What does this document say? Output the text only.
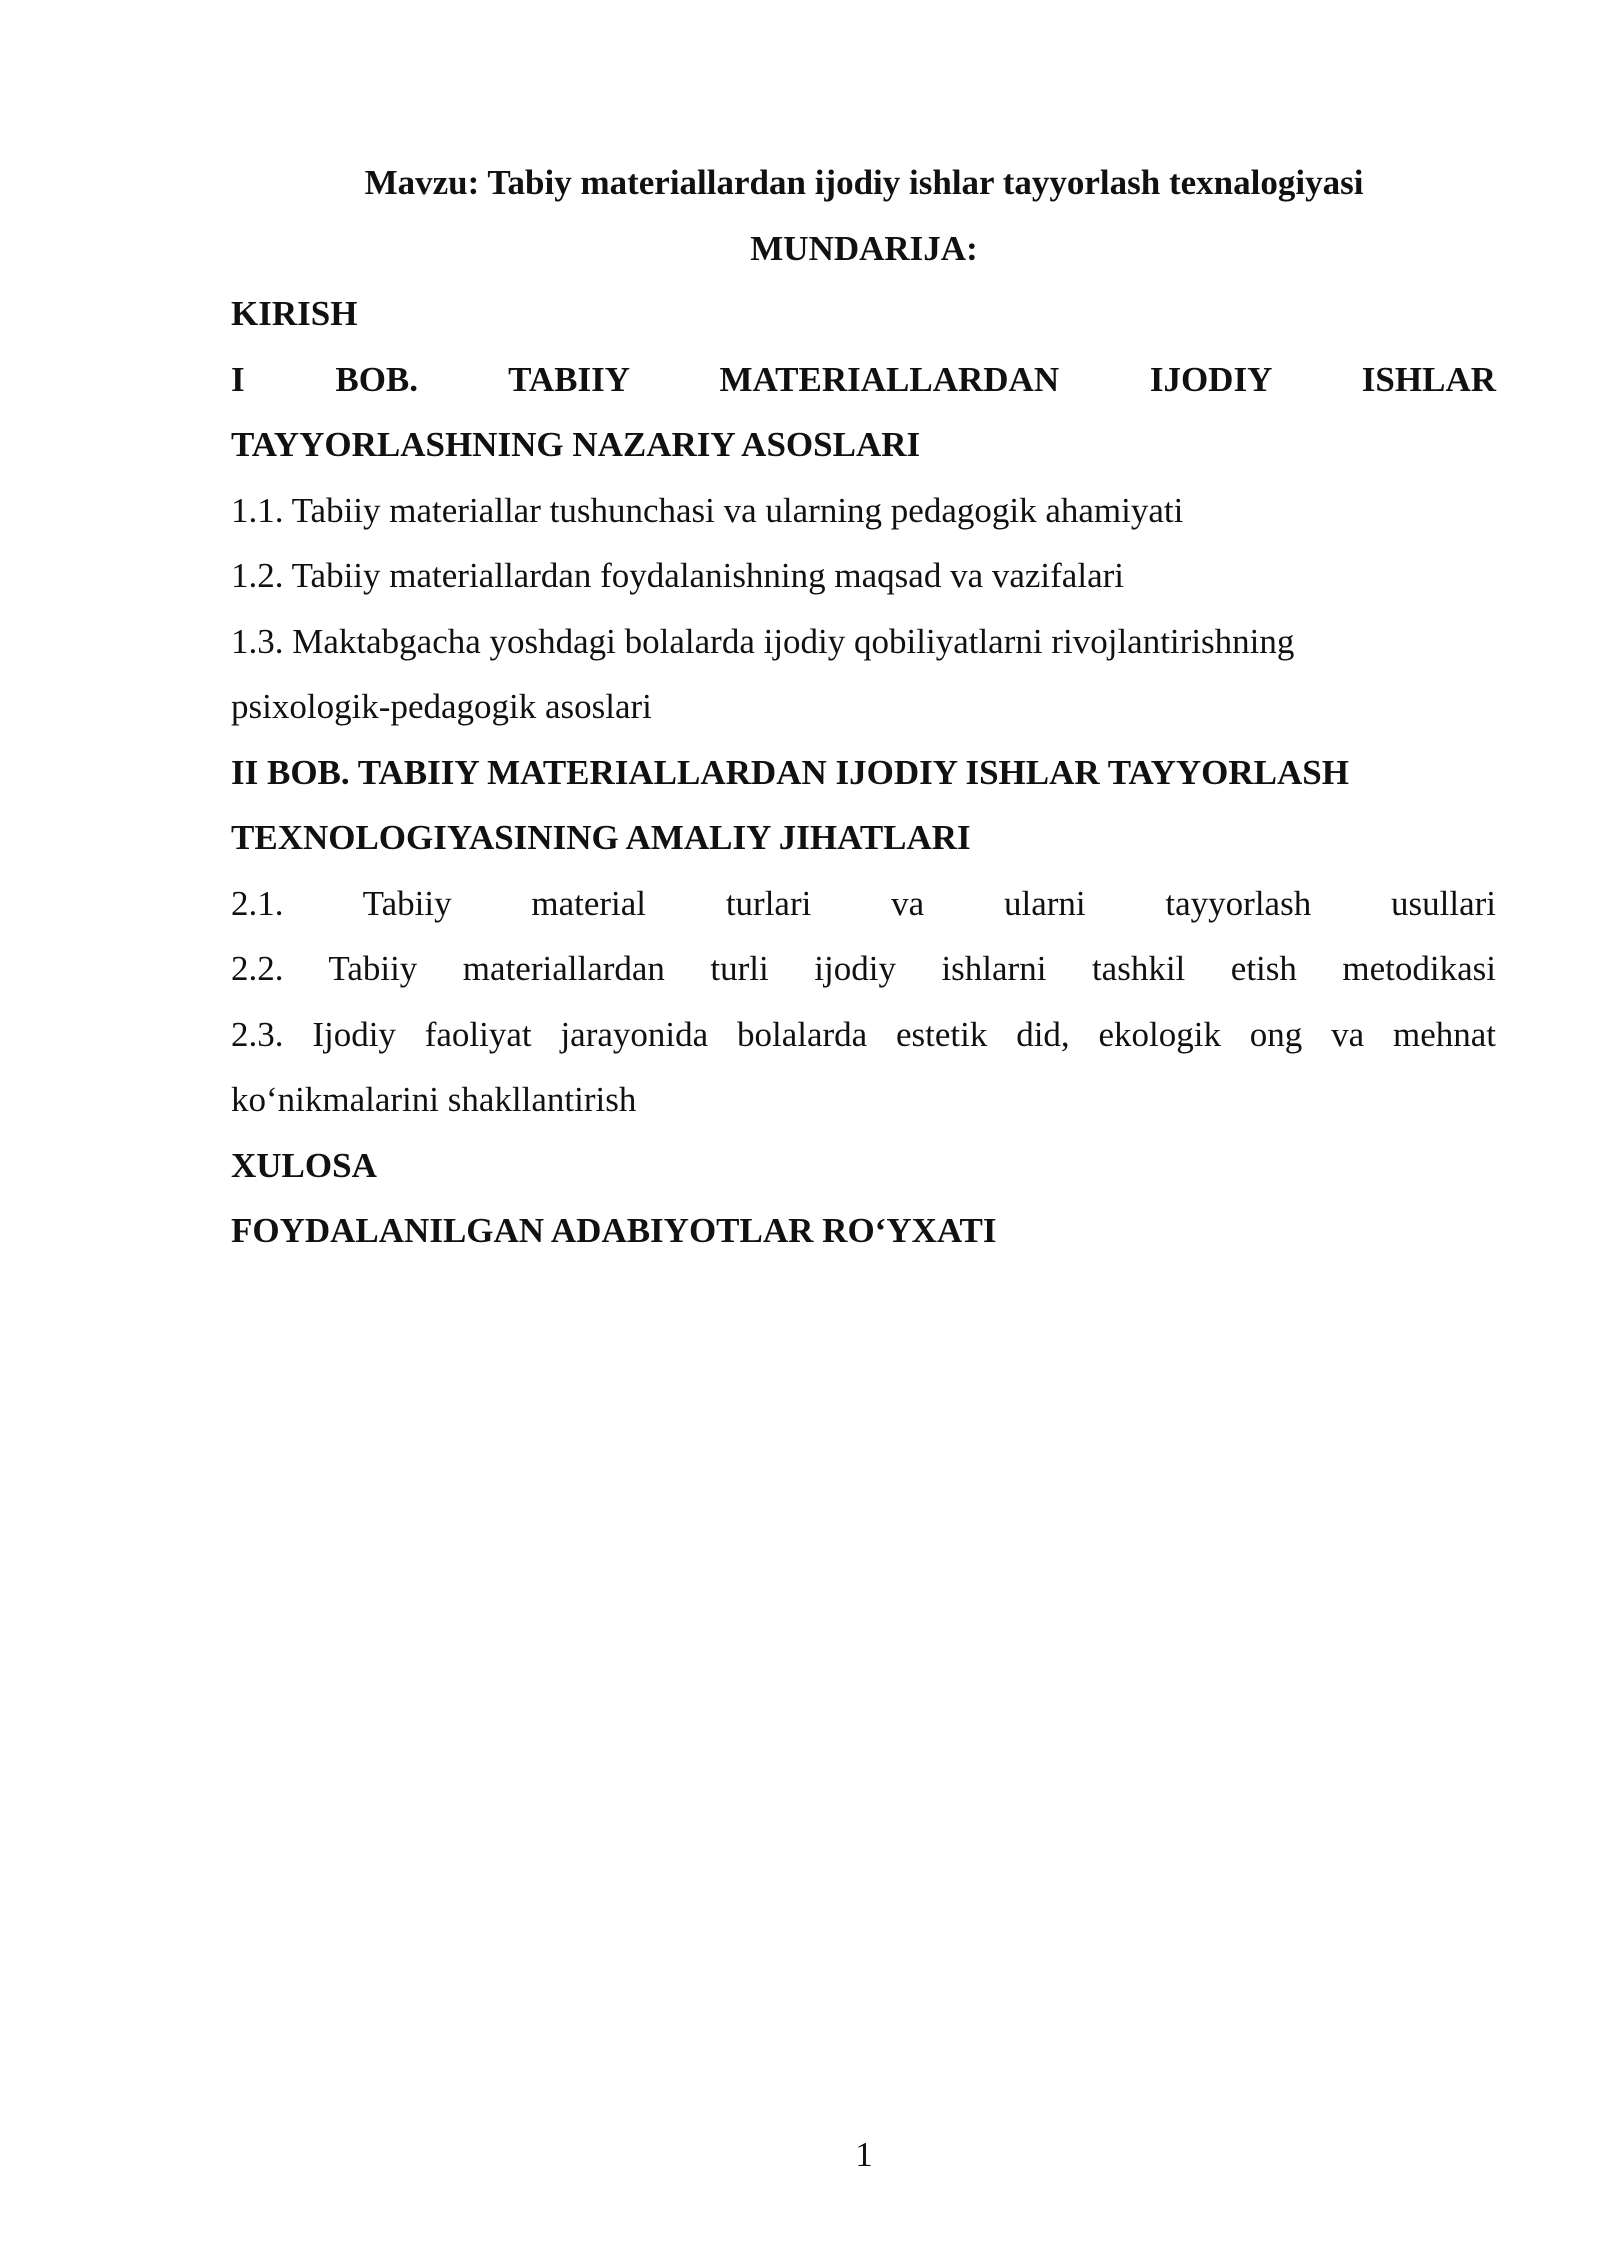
Mavzu: Tabiy materiallardan ijodiy ishlar tayyorlash texnalogiyasi
MUNDARIJA:
KIRISH
I BOB. TABIIY MATERIALLARDAN IJODIY ISHLAR
TAYYORLASHNING NAZARIY ASOSLARI
1.1. Tabiiy materiallar tushunchasi va ularning pedagogik ahamiyati
1.2. Tabiiy materiallardan foydalanishning maqsad va vazifalari
1.3. Maktabgacha yoshdagi bolalarda ijodiy qobiliyatlarni rivojlantirishning
psixologik-pedagogik asoslari
II BOB. TABIIY MATERIALLARDAN IJODIY ISHLAR TAYYORLASH
TEXNOLOGIYASINING AMALIY JIHATLARI
2.1. Tabiiy material turlari va ularni tayyorlash usullari
2.2. Tabiiy materiallardan turli ijodiy ishlarni tashkil etish metodikasi
2.3. Ijodiy faoliyat jarayonida bolalarda estetik did, ekologik ong va mehnat
ko‘nikmalarini shakllantirish
XULOSA
FOYDALANILGAN ADABIYOTLAR RO‘YXATI
1
